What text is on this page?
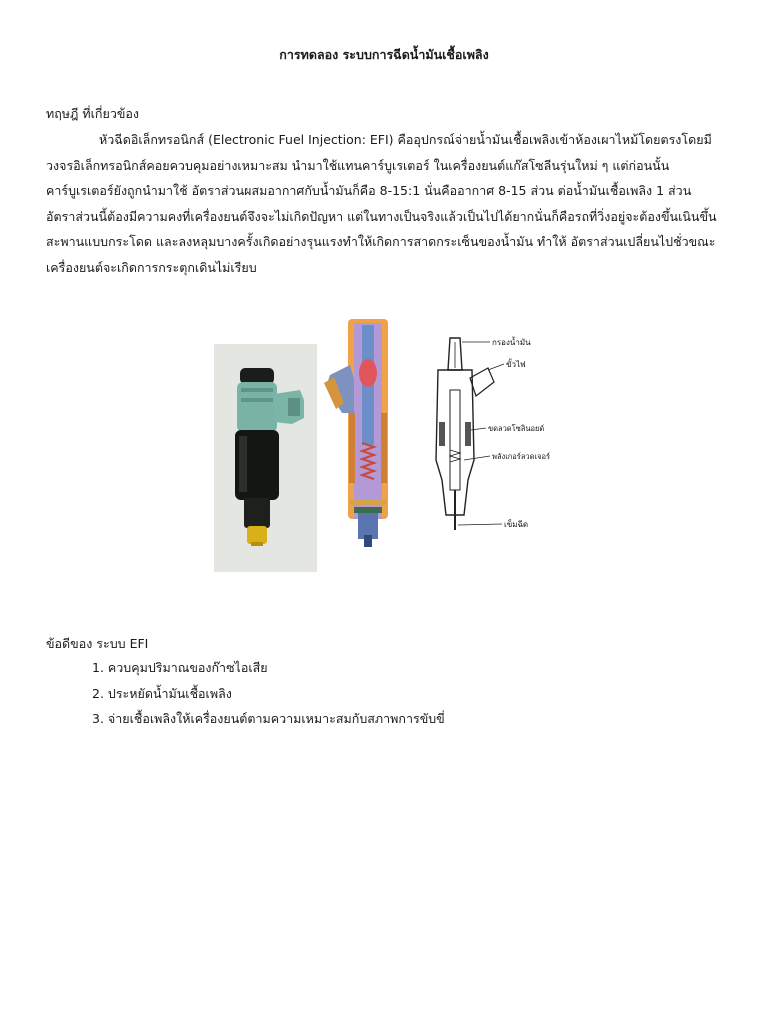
การทดลอง ระบบการฉีดน้ำมันเชื้อเพลิง
ทฤษฎี ที่เกี่ยวข้อง

หัวฉีดอิเล็กทรอนิกส์ (Electronic Fuel Injection: EFI) คืออุปกรณ์จ่ายน้ำมันเชื้อเพลิงเข้าห้องเผาไหม้โดยตรงโดยมี
วงจรอิเล็กทรอนิกส์คอยควบคุมอย่างเหมาะสม นำมาใช้แทนคาร์บูเรเตอร์ ในเครื่องยนต์แก๊สโซลีนรุ่นใหม่ ๆ แต่ก่อนนั้น
คาร์บูเรเตอร์ยังถูกนำมาใช้ อัตราส่วนผสมอากาศกับน้ำมันก็คือ 8-15:1 นั่นคืออากาศ 8-15 ส่วน ต่อน้ำมันเชื้อเพลิง 1 ส่วน
อัตราส่วนนี้ต้องมีความคงที่เครื่องยนต์จึงจะไม่เกิดปัญหา แต่ในทางเป็นจริงแล้วเป็นไปได้ยากนั่นก็คือรถที่วิ่งอยู่จะต้องขึ้นเนินขึ้น
สะพานแบบกระโดด และลงหลุมบางครั้งเกิดอย่างรุนแรงทำให้เกิดการสาดกระเซ็นของน้ำมัน ทำให้ อัตราส่วนเปลี่ยนไปชั่วขณะ
เครื่องยนต์จะเกิดการกระตุกเดินไม่เรียบ

กรองน้ำมัน
ขั้วไฟ
ขดลวดโซลินอยด์
พลังเกอร์ลวดเจอร์
เข็มฉีด
ข้อดีของ ระบบ EFI
1. ควบคุมปริมาณของก๊าซไอเสีย
2. ประหยัดน้ำมันเชื้อเพลิง
3. จ่ายเชื้อเพลิงให้เครื่องยนต์ตามความเหมาะสมกับสภาพการขับขี่
